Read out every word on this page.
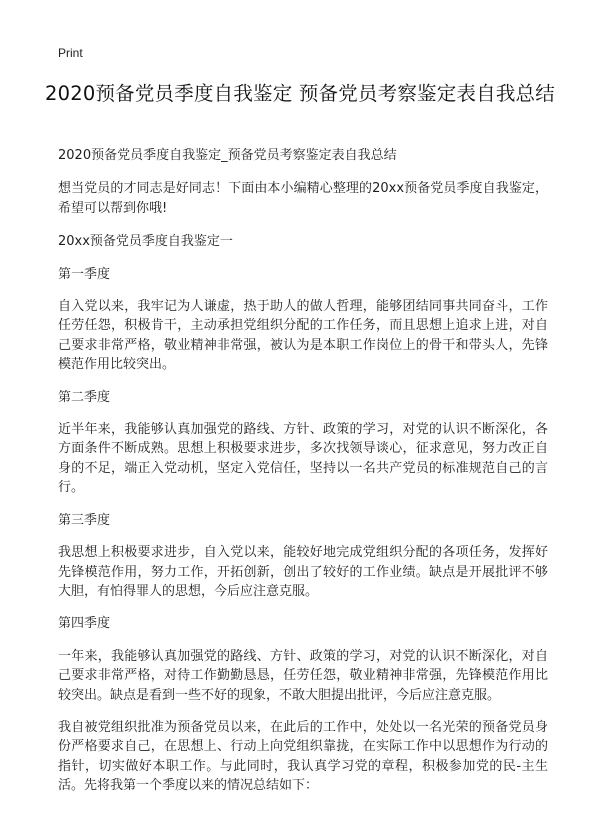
Print
2020预备党员季度自我鉴定 预备党员考察鉴定表自我总结

2020预备党员季度自我鉴定_预备党员考察鉴定表自我总结

想当党员的才同志是好同志！下面由本小编精心整理的20xx预备党员季度自我鉴定，希望可以帮到你哦!

20xx预备党员季度自我鉴定一

第一季度

自入党以来，我牢记为人谦虚，热于助人的做人哲理，能够团结同事共同奋斗，工作任劳任怨，积极肯干，主动承担党组织分配的工作任务，而且思想上追求上进，对自己要求非常严格，敬业精神非常强，被认为是本职工作岗位上的骨干和带头人，先锋模范作用比较突出。

第二季度

近半年来，我能够认真加强党的路线、方针、政策的学习，对党的认识不断深化，各方面条件不断成熟。思想上积极要求进步，多次找领导谈心，征求意见，努力改正自身的不足，端正入党动机，坚定入党信任，坚持以一名共产党员的标准规范自己的言行。

第三季度

我思想上积极要求进步，自入党以来，能较好地完成党组织分配的各项任务，发挥好先锋模范作用，努力工作，开拓创新，创出了较好的工作业绩。缺点是开展批评不够大胆，有怕得罪人的思想，今后应注意克服。

第四季度

一年来，我能够认真加强党的路线、方针、政策的学习，对党的认识不断深化，对自己要求非常严格，对待工作勤勤恳恳，任劳任怨，敬业精神非常强，先锋模范作用比较突出。缺点是看到一些不好的现象，不敢大胆提出批评，今后应注意克服。

我自被党组织批准为预备党员以来，在此后的工作中，处处以一名光荣的预备党员身份严格要求自己，在思想上、行动上向党组织靠拢，在实际工作中以思想作为行动的指针，切实做好本职工作。与此同时，我认真学习党的章程，积极参加党的民-主生活。先将我第一个季度以来的情况总结如下：
